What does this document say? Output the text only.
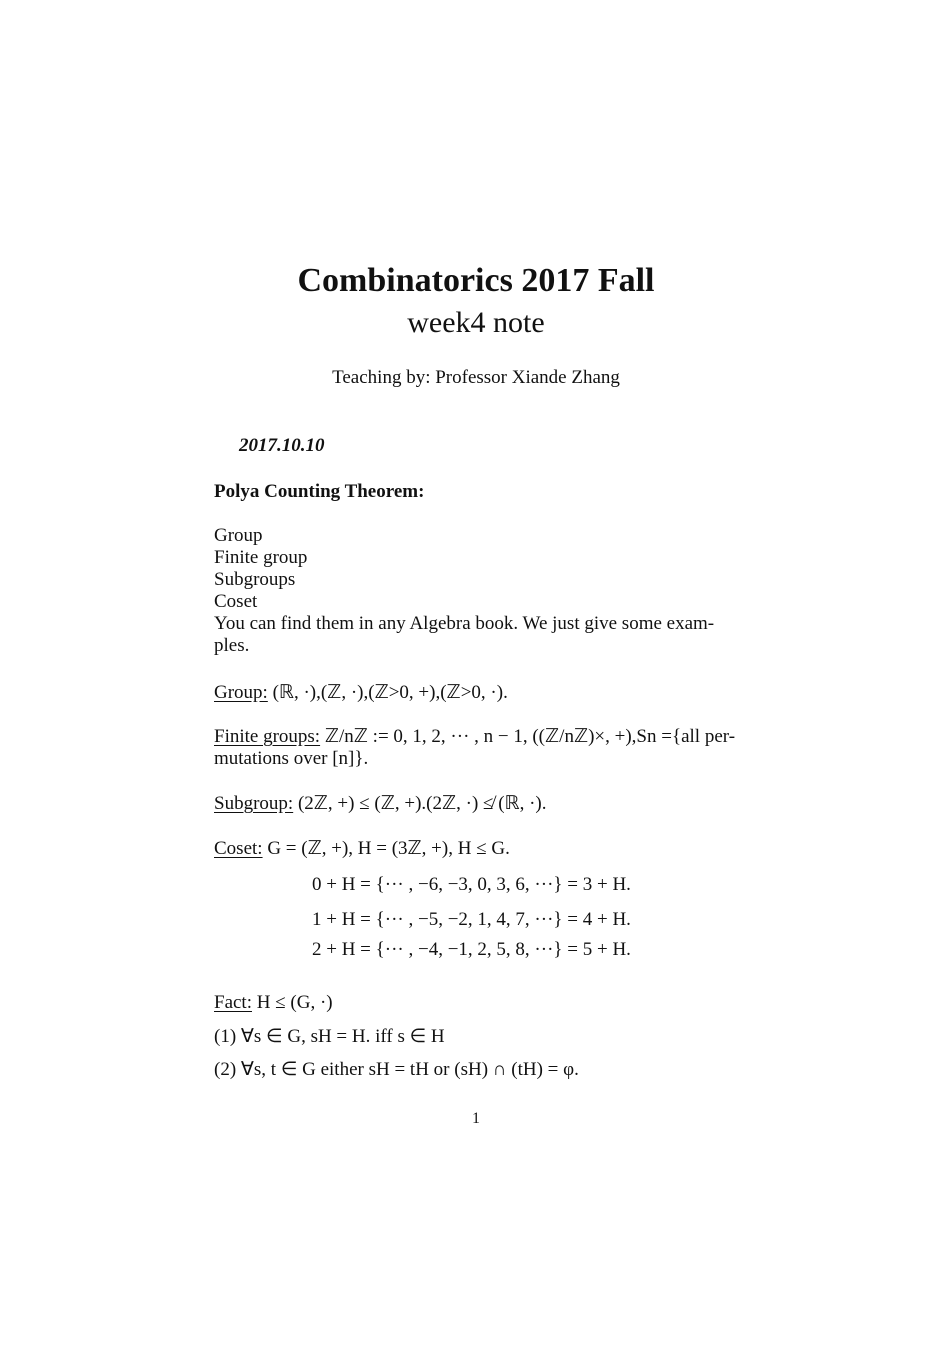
Combinatorics 2017 Fall
week4 note
Teaching by: Professor Xiande Zhang
2017.10.10
Polya Counting Theorem:
Group
Finite group
Subgroups
Coset
You can find them in any Algebra book. We just give some exam-
ples.
Group: (ℝ, ·),(ℤ, ·),(ℤ>0, +),(ℤ>0, ·).
Finite groups: ℤ/nℤ := 0, 1, 2, ··· , n − 1, ((ℤ/nℤ)×, +),Sn ={all per-
mutations over [n]}.
Subgroup: (2ℤ, +) ≤ (ℤ, +).(2ℤ, ·) ≰ (ℝ, ·).
Coset: G = (ℤ, +), H = (3ℤ, +), H ≤ G.
0 + H = {··· , −6, −3, 0, 3, 6, ···} = 3 + H.
1 + H = {··· , −5, −2, 1, 4, 7, ···} = 4 + H.
2 + H = {··· , −4, −1, 2, 5, 8, ···} = 5 + H.
Fact: H ≤ (G, ·)
(1) ∀s ∈ G, sH = H. iff s ∈ H
(2) ∀s, t ∈ G either sH = tH or (sH) ∩ (tH) = φ.
1
